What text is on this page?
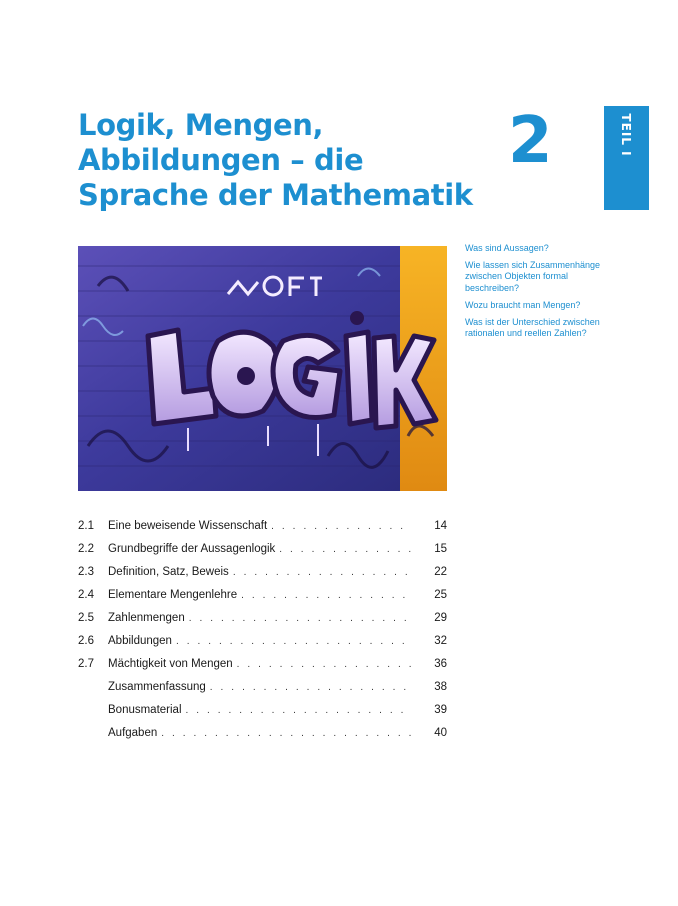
Logik, Mengen,
Abbildungen – die
Sprache der Mathematik
2	TEIL I
Was sind Aussagen?
Wie lassen sich Zusammenhänge zwischen Objekten formal beschreiben?
Wozu braucht man Mengen?
Was ist der Unterschied zwischen rationalen und reellen Zahlen?
2.1	Eine beweisende Wissenschaft . . .	14
2.2	Grundbegriffe der Aussagenlogik . . .	15
2.3	Definition, Satz, Beweis . . .	22
2.4	Elementare Mengenlehre . . .	25
2.5	Zahlenmengen . . .	29
2.6	Abbildungen . . .	32
2.7	Mächtigkeit von Mengen . . .	36
Zusammenfassung . . .	38
Bonusmaterial . . .	39
Aufgaben . . .	40
